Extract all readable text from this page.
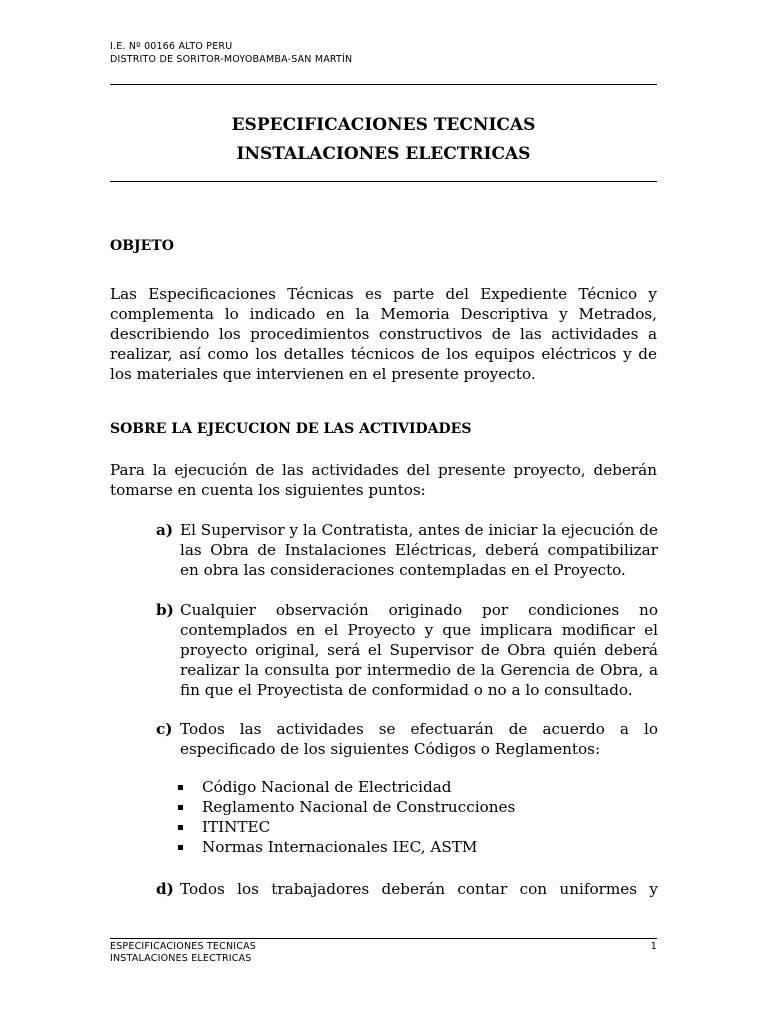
I.E. Nº 00166 ALTO PERU
DISTRITO DE SORITOR-MOYOBAMBA-SAN MARTÍN
ESPECIFICACIONES TECNICAS
INSTALACIONES ELECTRICAS
OBJETO

Las Especificaciones Técnicas es parte del Expediente Técnico y complementa lo indicado en la Memoria Descriptiva y Metrados, describiendo los procedimientos constructivos de las actividades a realizar, así como los detalles técnicos de los equipos eléctricos y de los materiales que intervienen en el presente proyecto.

SOBRE LA EJECUCION DE LAS ACTIVIDADES

Para la ejecución de las actividades del presente proyecto, deberán tomarse en cuenta los siguientes puntos:

a) El Supervisor y la Contratista, antes de iniciar la ejecución de las Obra de Instalaciones Eléctricas, deberá compatibilizar en obra las consideraciones contempladas en el Proyecto.
b) Cualquier observación originado por condiciones no contemplados en el Proyecto y que implicara modificar el proyecto original, será el Supervisor de Obra quién deberá realizar la consulta por intermedio de la Gerencia de Obra, a fin que el Proyectista de conformidad o no a lo consultado.
c) Todos las actividades se efectuarán de acuerdo a lo especificado de los siguientes Códigos o Reglamentos:
Código Nacional de Electricidad
Reglamento Nacional de Construcciones
ITINTEC
Normas Internacionales IEC, ASTM
d) Todos los trabajadores deberán contar con uniformes y
ESPECIFICACIONES TECNICAS
INSTALACIONES ELECTRICAS
1
